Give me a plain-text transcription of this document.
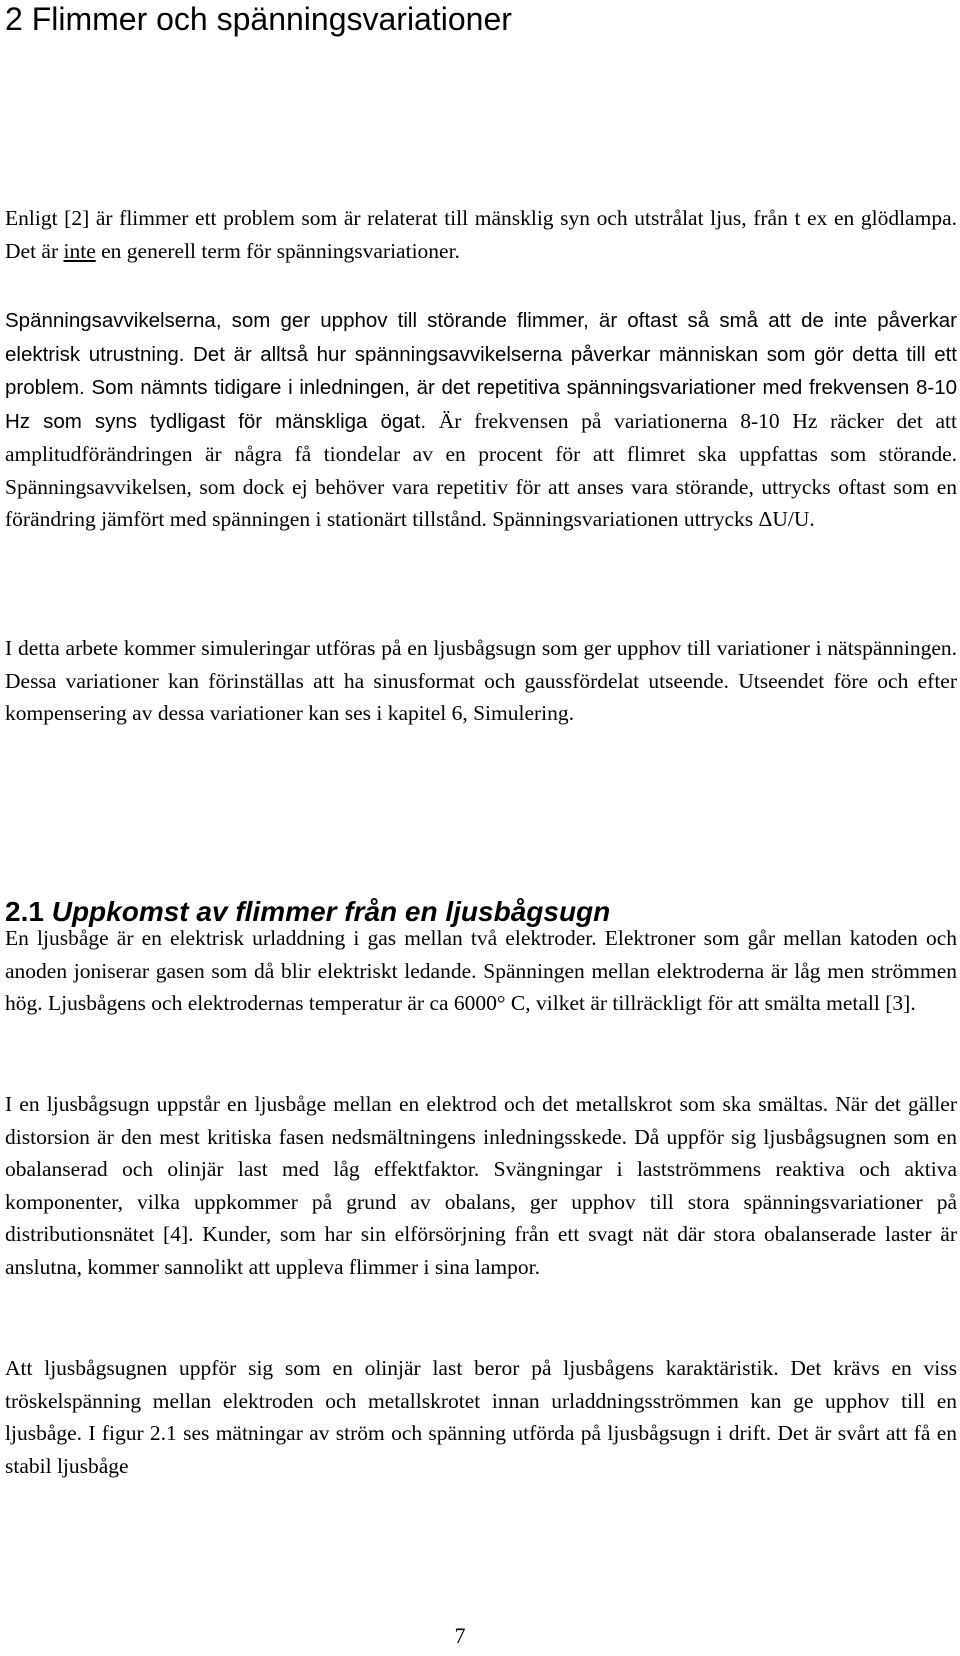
2 Flimmer och spänningsvariationer

Enligt [2] är flimmer ett problem som är relaterat till mänsklig syn och utstrålat ljus, från t ex en glödlampa. Det är inte en generell term för spänningsvariationer.

Spänningsavvikelserna, som ger upphov till störande flimmer, är oftast så små att de inte påverkar elektrisk utrustning. Det är alltså hur spänningsavvikelserna påverkar människan som gör detta till ett problem. Som nämnts tidigare i inledningen, är det repetitiva spänningsvariationer med frekvensen 8-10 Hz som syns tydligast för mänskliga ögat. Är frekvensen på variationerna 8-10 Hz räcker det att amplitudförändringen är några få tiondelar av en procent för att flimret ska uppfattas som störande. Spänningsavvikelsen, som dock ej behöver vara repetitiv för att anses vara störande, uttrycks oftast som en förändring jämfört med spänningen i stationärt tillstånd. Spänningsvariationen uttrycks ΔU/U.

I detta arbete kommer simuleringar utföras på en ljusbågsugn som ger upphov till variationer i nätspänningen. Dessa variationer kan förinställas att ha sinusformat och gaussfördelat utseende. Utseendet före och efter kompensering av dessa variationer kan ses i kapitel 6, Simulering.

2.1 Uppkomst av flimmer från en ljusbågsugn

En ljusbåge är en elektrisk urladdning i gas mellan två elektroder. Elektroner som går mellan katoden och anoden joniserar gasen som då blir elektriskt ledande. Spänningen mellan elektroderna är låg men strömmen hög. Ljusbågens och elektrodernas temperatur är ca 6000° C, vilket är tillräckligt för att smälta metall [3].

I en ljusbågsugn uppstår en ljusbåge mellan en elektrod och det metallskrot som ska smältas. När det gäller distorsion är den mest kritiska fasen nedsmältningens inledningsskede. Då uppför sig ljusbågsugnen som en obalanserad och olinjär last med låg effektfaktor. Svängningar i lastströmmens reaktiva och aktiva komponenter, vilka uppkommer på grund av obalans, ger upphov till stora spänningsvariationer på distributionsnätet [4]. Kunder, som har sin elförsörjning från ett svagt nät där stora obalanserade laster är anslutna, kommer sannolikt att uppleva flimmer i sina lampor.

Att ljusbågsugnen uppför sig som en olinjär last beror på ljusbågens karaktäristik. Det krävs en viss tröskelspänning mellan elektroden och metallskrotet innan urladdningsströmmen kan ge upphov till en ljusbåge. I figur 2.1 ses mätningar av ström och spänning utförda på ljusbågsugn i drift. Det är svårt att få en stabil ljusbåge

7
